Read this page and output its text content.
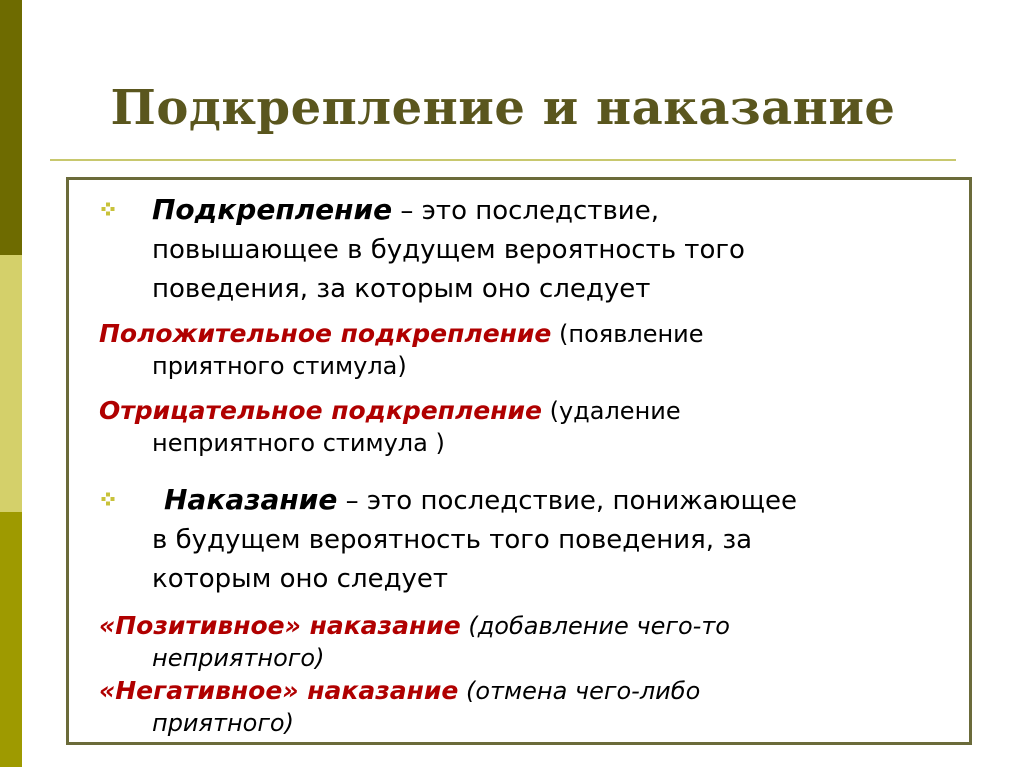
Подкрепление и наказание
Подкрепление – это последствие,
повышающее в будущем вероятность того
поведения, за которым оно следует
Положительное подкрепление (появление
приятного стимула)
Отрицательное подкрепление (удаление
неприятного стимула )
Наказание – это последствие, понижающее
в будущем вероятность того поведения, за
которым оно следует
«Позитивное» наказание (добавление чего-то
неприятного)
«Негативное» наказание (отмена чего-либо
приятного)
